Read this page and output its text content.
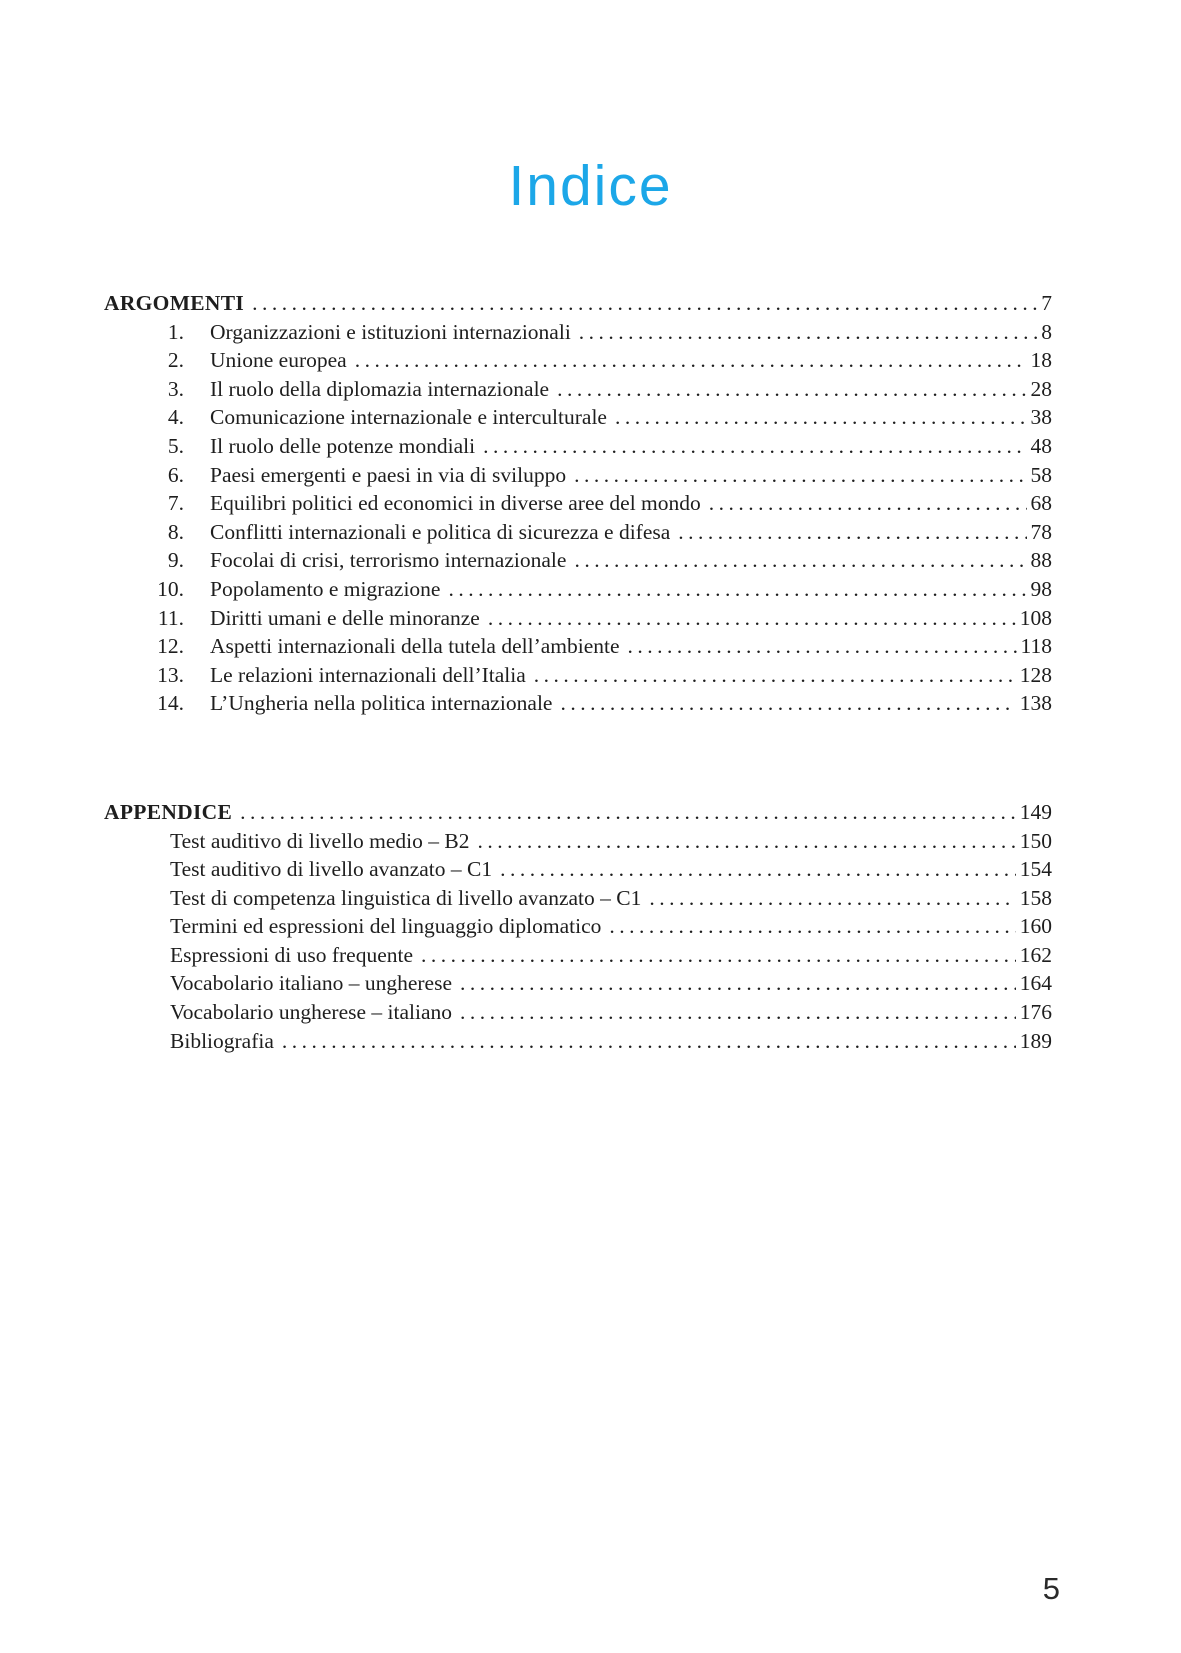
Indice
ARGOMENTI .....	7
1. Organizzazioni e istituzioni internazionali .....	8
2. Unione europea .....	18
3. Il ruolo della diplomazia internazionale .....	28
4. Comunicazione internazionale e interculturale .....	38
5. Il ruolo delle potenze mondiali .....	48
6. Paesi emergenti e paesi in via di sviluppo .....	58
7. Equilibri politici ed economici in diverse aree del mondo .....	68
8. Conflitti internazionali e politica di sicurezza e difesa .....	78
9. Focolai di crisi, terrorismo internazionale .....	88
10. Popolamento e migrazione .....	98
11. Diritti umani e delle minoranze .....	108
12. Aspetti internazionali della tutela dell’ambiente .....	118
13. Le relazioni internazionali dell’Italia .....	128
14. L’Ungheria nella politica internazionale .....	138
APPENDICE .....	149
Test auditivo di livello medio – B2 .....	150
Test auditivo di livello avanzato – C1 .....	154
Test di competenza linguistica di livello avanzato – C1 .....	158
Termini ed espressioni del linguaggio diplomatico .....	160
Espressioni di uso frequente .....	162
Vocabolario italiano – ungherese .....	164
Vocabolario ungherese – italiano .....	176
Bibliografia .....	189
5
